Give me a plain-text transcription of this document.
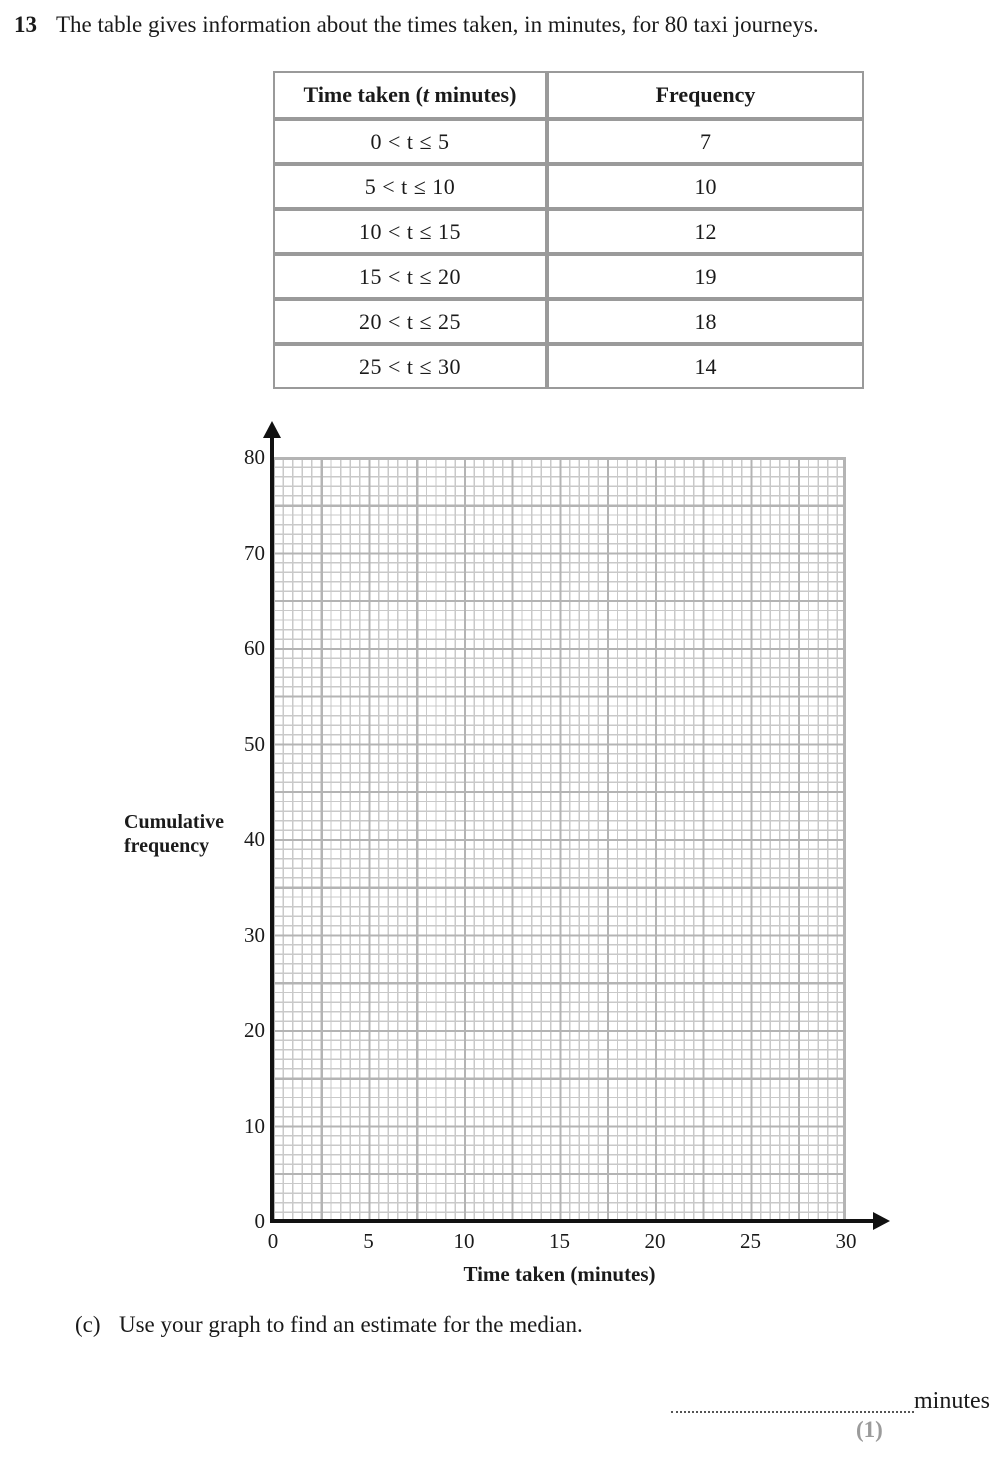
13 The table gives information about the times taken, in minutes, for 80 taxi journeys.
Time taken (t minutes)	Frequency
0 < t ≤ 5	7
5 < t ≤ 10	10
10 < t ≤ 15	12
15 < t ≤ 20	19
20 < t ≤ 25	18
25 < t ≤ 30	14
0
10
20
30
40
50
60
70
80
0	5	10	15	20	25	30
Cumulative
frequency
Time taken (minutes)
(c) Use your graph to find an estimate for the median.
minutes
(1)
